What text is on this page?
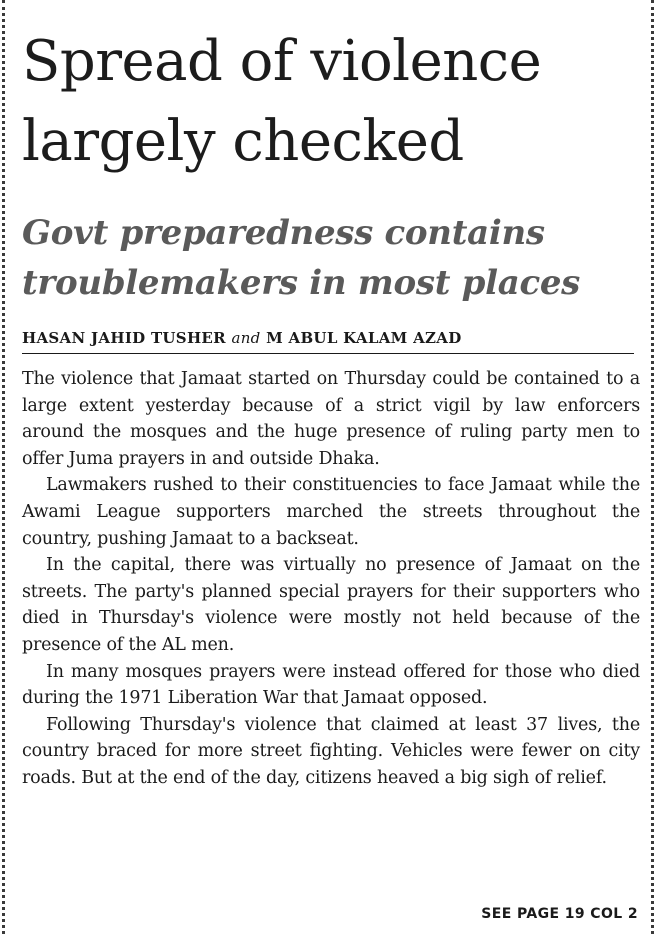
Spread of violence largely checked
Govt preparedness contains troublemakers in most places
HASAN JAHID TUSHER and M ABUL KALAM AZAD

The violence that Jamaat started on Thursday could be contained to a large extent yesterday because of a strict vigil by law enforcers around the mosques and the huge presence of ruling party men to offer Juma prayers in and outside Dhaka.

Lawmakers rushed to their constituencies to face Jamaat while the Awami League supporters marched the streets throughout the country, pushing Jamaat to a backseat.

In the capital, there was virtually no presence of Jamaat on the streets. The party's planned special prayers for their supporters who died in Thursday's violence were mostly not held because of the presence of the AL men.

In many mosques prayers were instead offered for those who died during the 1971 Liberation War that Jamaat opposed.

Following Thursday's violence that claimed at least 37 lives, the country braced for more street fighting. Vehicles were fewer on city roads. But at the end of the day, citizens heaved a big sigh of relief.

SEE PAGE 19 COL 2
